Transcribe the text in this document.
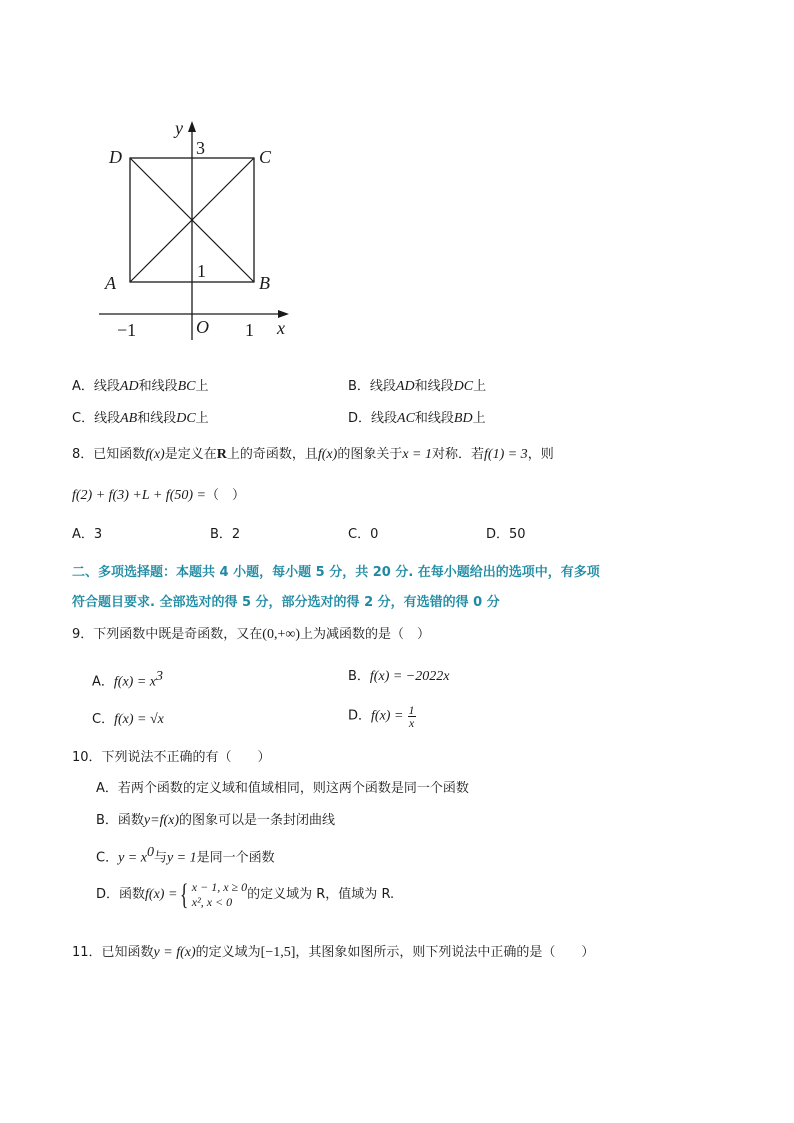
y
x
D	C
A	B
O
3
1
−1	1
A．线段AD和线段BC上	B．线段AD和线段DC上
C．线段AB和线段DC上	D．线段AC和线段BD上
8．已知函数f(x)是定义在R上的奇函数，且f(x)的图象关于x = 1对称．若f(1) = 3，则
f(2) + f(3) +L + f(50) =（　）
A．3	B．2	C．0	D．50
二、多项选择题：本题共 4 小题，每小题 5 分，共 20 分. 在每小题给出的选项中，有多项
符合题目要求. 全部选对的得 5 分，部分选对的得 2 分，有选错的得 0 分
9．下列函数中既是奇函数，又在(0,+∞)上为减函数的是（　）
A．$f(x) = x^3$	B．f(x) = −2022x
C．f(x) = √x	D．$f(x) = \frac{1}{x}$
10．下列说法不正确的有（　　）
A．若两个函数的定义域和值域相同，则这两个函数是同一个函数
B．函数y=f(x)的图象可以是一条封闭曲线
C．$y = x^0$与y = 1是同一个函数
D．函数f(x) ={ x − 1, x ≥ 0
x², x < 0	的定义域为 R，值域为 R.
11．已知函数y = f(x)的定义域为[−1,5]，其图象如图所示，则下列说法中正确的是（　　）
